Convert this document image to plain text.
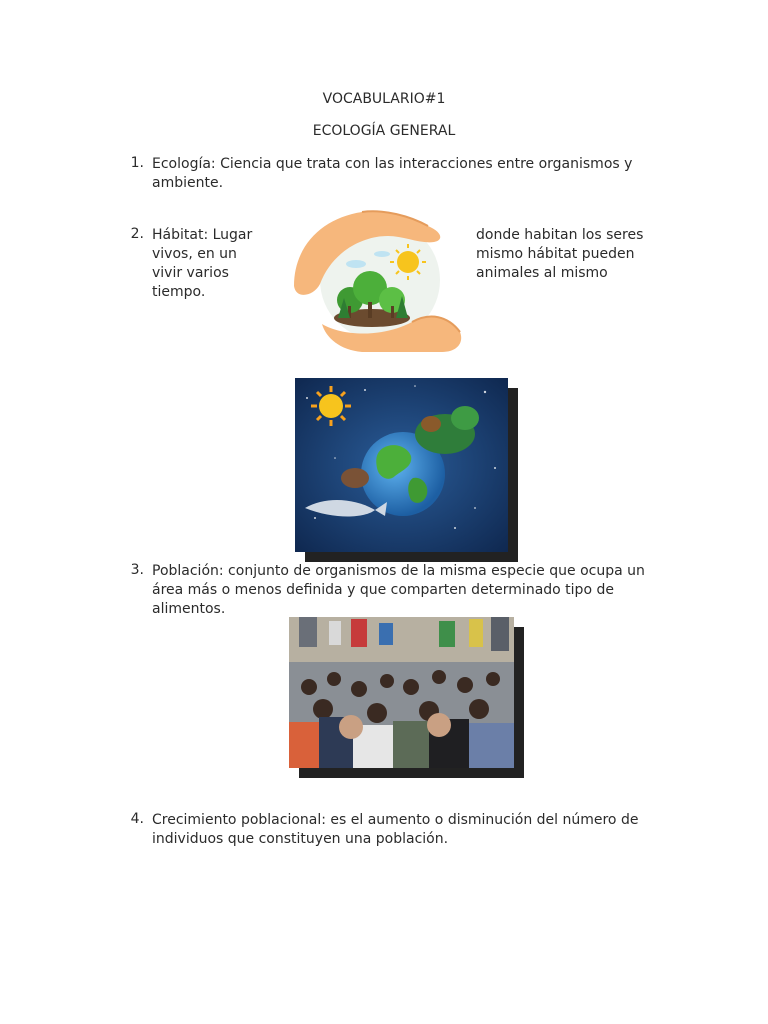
VOCABULARIO#1
ECOLOGÍA GENERAL
1. Ecología: Ciencia que trata con las interacciones entre organismos y
ambiente.
2. Hábitat: Lugar
vivos, en un
vivir varios
tiempo.
donde habitan los seres
mismo hábitat pueden
animales al mismo
3. Población: conjunto de organismos de la misma especie que ocupa un
área más o menos definida y que comparten determinado tipo de
alimentos.
4. Crecimiento poblacional: es el aumento o disminución del número de
individuos que constituyen una población.
